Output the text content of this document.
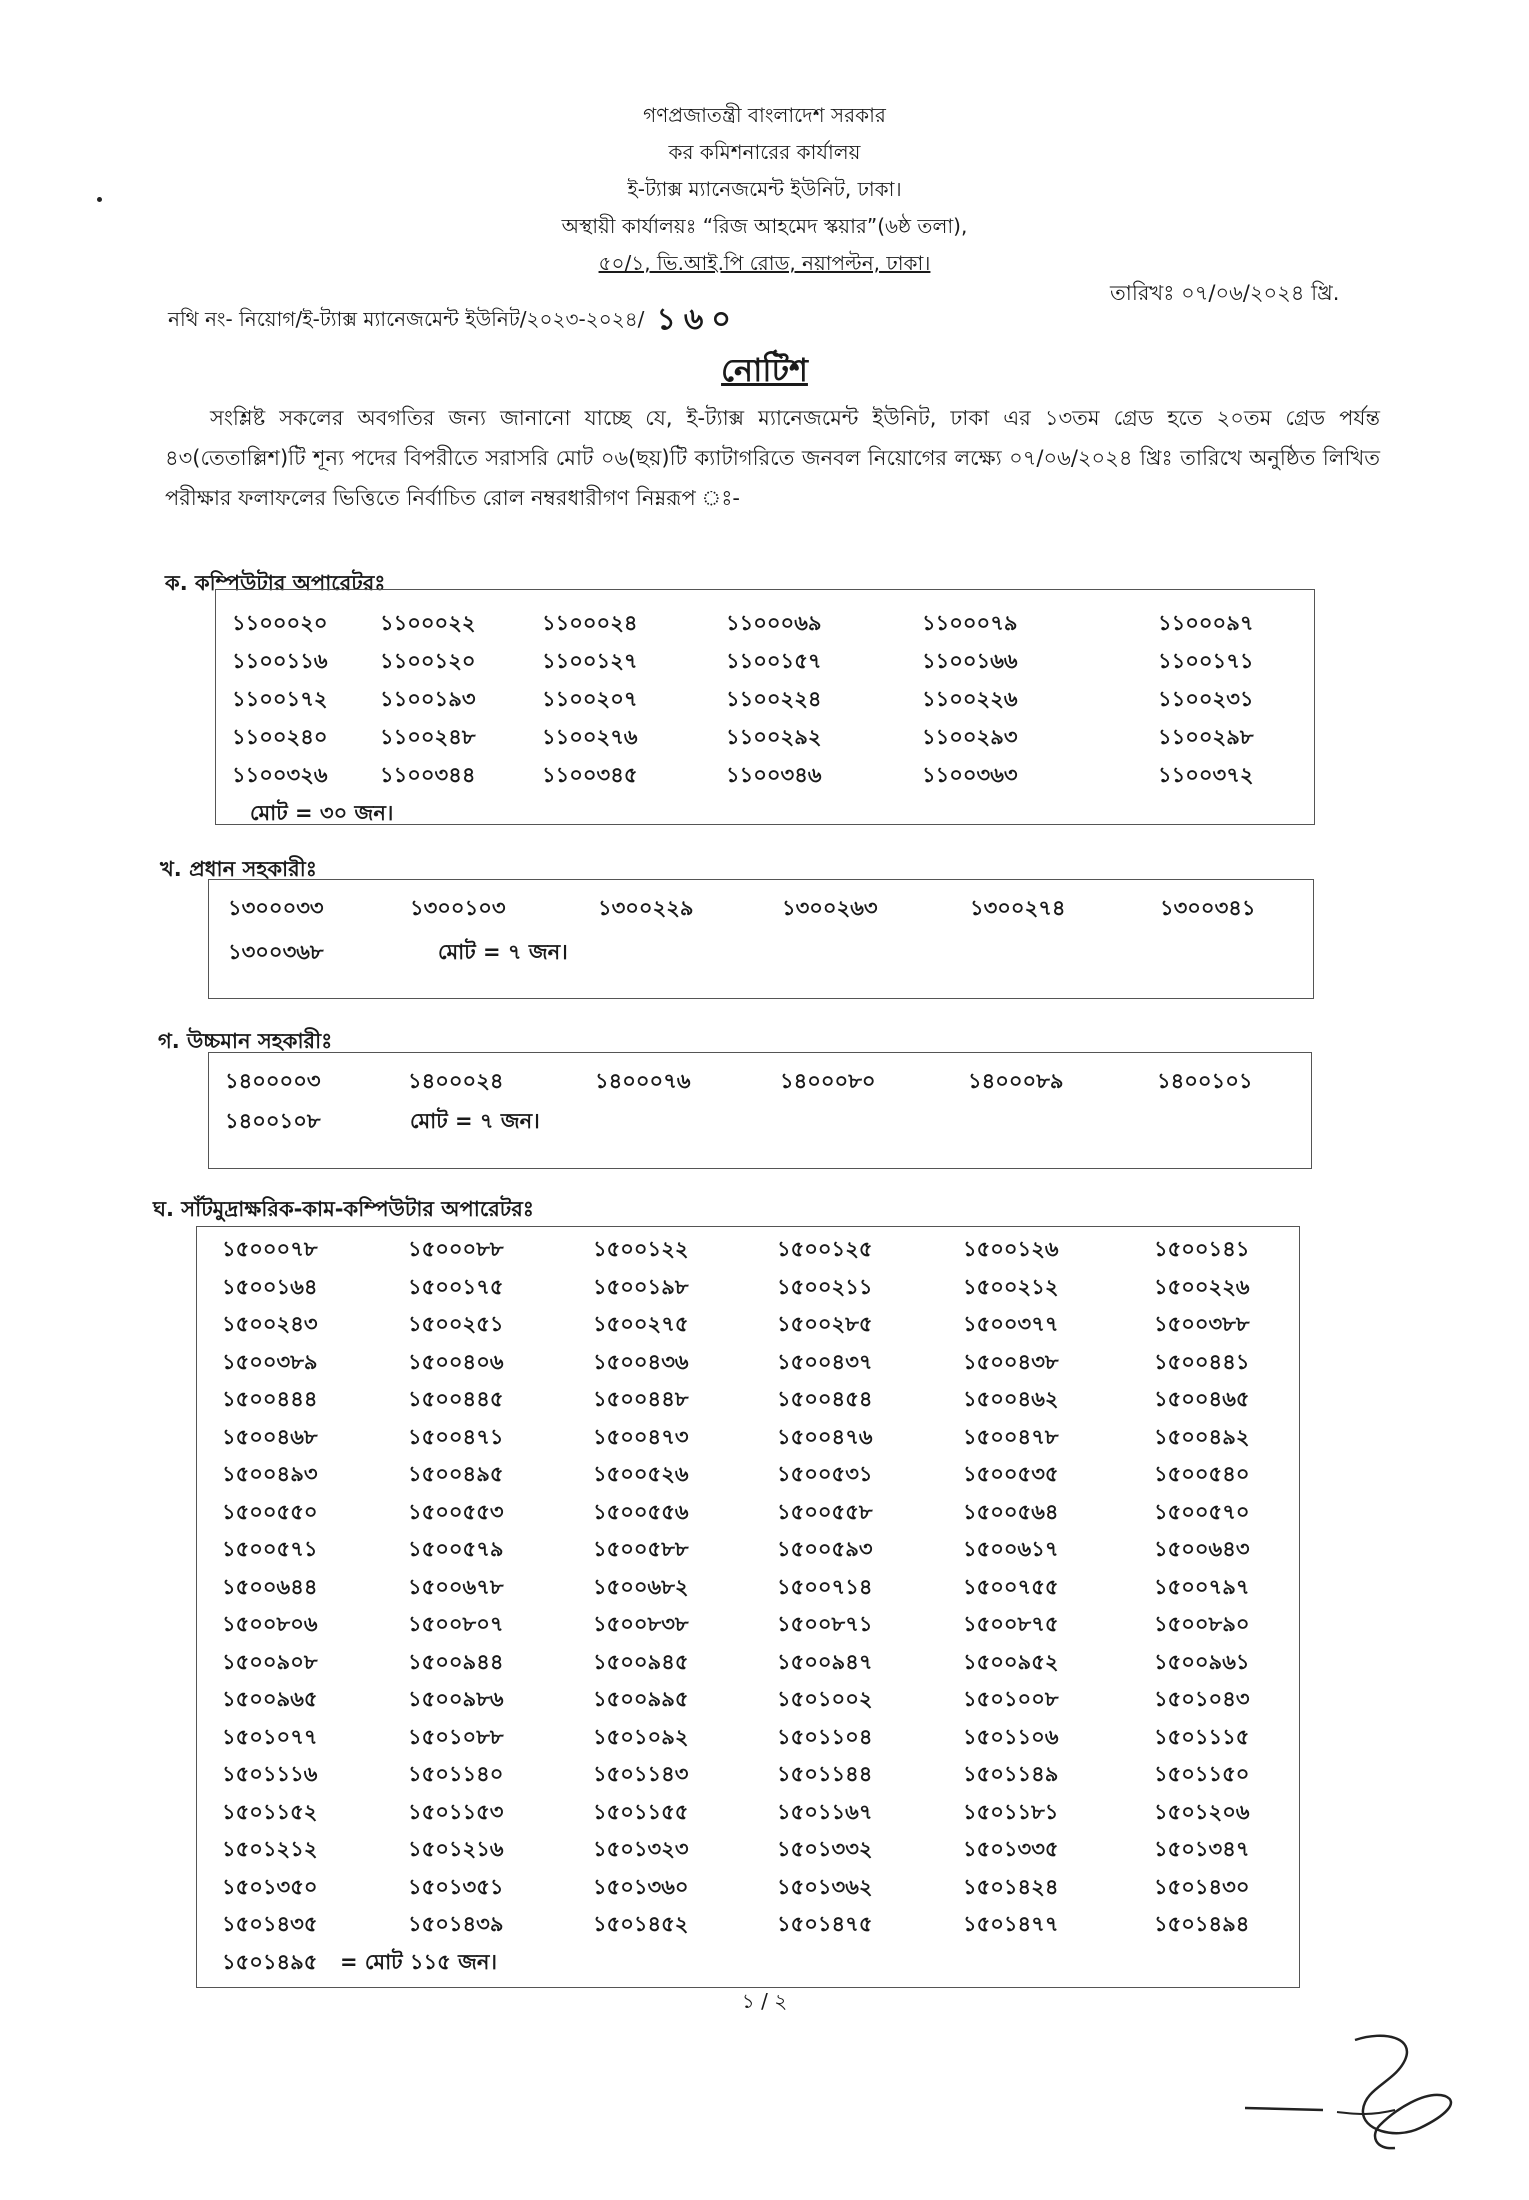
গণপ্রজাতন্ত্রী বাংলাদেশ সরকার
কর কমিশনারের কার্যালয়
ই-ট্যাক্স ম্যানেজমেন্ট ইউনিট, ঢাকা।
অস্থায়ী কার্যালয়ঃ “রিজ আহমেদ স্কয়ার”(৬ষ্ঠ তলা),
৫০/১, ভি.আই.পি রোড, নয়াপল্টন, ঢাকা।
নথি নং- নিয়োগ/ই-ট্যাক্স ম্যানেজমেন্ট ইউনিট/২০২৩-২০২৪/ ১৬০
তারিখঃ ০৭/০৬/২০২৪ খ্রি.
নোটিশ
সংশ্লিষ্ট সকলের অবগতির জন্য জানানো যাচ্ছে যে, ই-ট্যাক্স ম্যানেজমেন্ট ইউনিট, ঢাকা এর ১৩তম গ্রেড হতে ২০তম গ্রেড পর্যন্ত ৪৩(তেতাল্লিশ)টি শূন্য পদের বিপরীতে সরাসরি মোট ০৬(ছয়)টি ক্যাটাগরিতে জনবল নিয়োগের লক্ষ্যে ০৭/০৬/২০২৪ খ্রিঃ তারিখে অনুষ্ঠিত লিখিত পরীক্ষার ফলাফলের ভিত্তিতে নির্বাচিত রোল নম্বরধারীগণ নিম্নরূপ ঃ-
ক. কম্পিউটার অপারেটরঃ
খ. প্রধান সহকারীঃ
গ. উচ্চমান সহকারীঃ
ঘ. সাঁটমুদ্রাক্ষরিক-কাম-কম্পিউটার অপারেটরঃ
১ / ২
১১০০০২০ ১১০০০২২	১১০০০২৪	১১০০০৬৯	১১০০০৭৯	১১০০০৯৭
১১০০১১৬	১১০০১২০	১১০০১২৭	১১০০১৫৭	১১০০১৬৬	১১০০১৭১
১১০০১৭২	১১০০১৯৩	১১০০২০৭	১১০০২২৪	১১০০২২৬	১১০০২৩১
১১০০২৪০	১১০০২৪৮	১১০০২৭৬	১১০০২৯২	১১০০২৯৩	১১০০২৯৮
১১০০৩২৬ ১১০০৩৪৪	১১০০৩৪৫	১১০০৩৪৬	১১০০৩৬৩	১১০০৩৭২
মোট = ৩০ জন।
১৩০০০৩৩	১৩০০১০৩	১৩০০২২৯	১৩০০২৬৩	১৩০০২৭৪	১৩০০৩৪১
১৩০০৩৬৮	মোট = ৭ জন।
১৪০০০০৩	১৪০০০২৪	১৪০০০৭৬	১৪০০০৮০	১৪০০০৮৯	১৪০০১০১
১৪০০১০৮	মোট = ৭ জন।
১৫০০০৭৮	১৫০০০৮৮	১৫০০১২২	১৫০০১২৫	১৫০০১২৬	১৫০০১৪১
১৫০০১৬৪	১৫০০১৭৫	১৫০০১৯৮	১৫০০২১১	১৫০০২১২	১৫০০২২৬
১৫০০২৪৩	১৫০০২৫১	১৫০০২৭৫	১৫০০২৮৫	১৫০০৩৭৭	১৫০০৩৮৮
১৫০০৩৮৯	১৫০০৪০৬	১৫০০৪৩৬	১৫০০৪৩৭	১৫০০৪৩৮	১৫০০৪৪১
১৫০০৪৪৪	১৫০০৪৪৫	১৫০০৪৪৮	১৫০০৪৫৪	১৫০০৪৬২	১৫০০৪৬৫
১৫০০৪৬৮	১৫০০৪৭১	১৫০০৪৭৩	১৫০০৪৭৬	১৫০০৪৭৮	১৫০০৪৯২
১৫০০৪৯৩	১৫০০৪৯৫	১৫০০৫২৬	১৫০০৫৩১	১৫০০৫৩৫	১৫০০৫৪০
১৫০০৫৫০	১৫০০৫৫৩	১৫০০৫৫৬	১৫০০৫৫৮	১৫০০৫৬৪	১৫০০৫৭০
১৫০০৫৭১	১৫০০৫৭৯	১৫০০৫৮৮	১৫০০৫৯৩	১৫০০৬১৭	১৫০০৬৪৩
১৫০০৬৪৪	১৫০০৬৭৮	১৫০০৬৮২	১৫০০৭১৪	১৫০০৭৫৫	১৫০০৭৯৭
১৫০০৮০৬	১৫০০৮০৭	১৫০০৮৩৮	১৫০০৮৭১	১৫০০৮৭৫	১৫০০৮৯০
১৫০০৯০৮	১৫০০৯৪৪	১৫০০৯৪৫	১৫০০৯৪৭	১৫০০৯৫২	১৫০০৯৬১
১৫০০৯৬৫	১৫০০৯৮৬	১৫০০৯৯৫	১৫০১০০২	১৫০১০০৮	১৫০১০৪৩
১৫০১০৭৭	১৫০১০৮৮	১৫০১০৯২	১৫০১১০৪	১৫০১১০৬	১৫০১১১৫
১৫০১১১৬	১৫০১১৪০	১৫০১১৪৩	১৫০১১৪৪	১৫০১১৪৯	১৫০১১৫০
১৫০১১৫২	১৫০১১৫৩	১৫০১১৫৫	১৫০১১৬৭	১৫০১১৮১	১৫০১২০৬
১৫০১২১২	১৫০১২১৬	১৫০১৩২৩	১৫০১৩৩২	১৫০১৩৩৫	১৫০১৩৪৭
১৫০১৩৫০	১৫০১৩৫১	১৫০১৩৬০	১৫০১৩৬২	১৫০১৪২৪	১৫০১৪৩০
১৫০১৪৩৫	১৫০১৪৩৯	১৫০১৪৫২	১৫০১৪৭৫	১৫০১৪৭৭	১৫০১৪৯৪
১৫০১৪৯৫ = মোট ১১৫ জন।
